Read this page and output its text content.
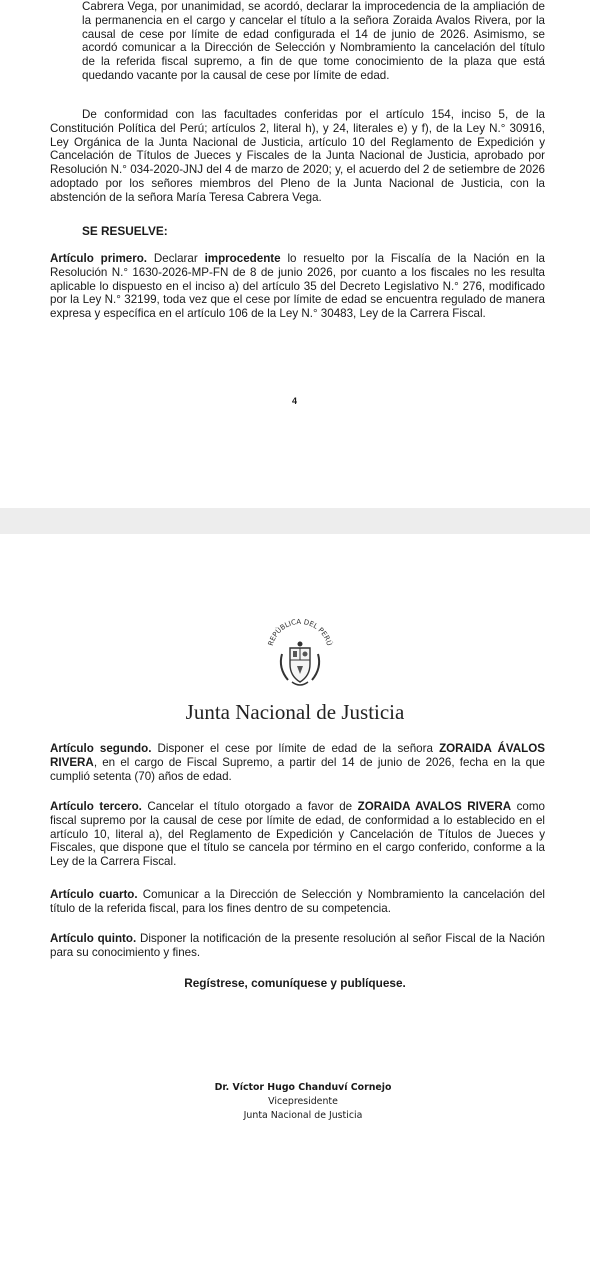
Cabrera Vega, por unanimidad, se acordó, declarar la improcedencia de la ampliación de la permanencia en el cargo y cancelar el título a la señora Zoraida Avalos Rivera, por la causal de cese por límite de edad configurada el 14 de junio de 2026. Asimismo, se acordó comunicar a la Dirección de Selección y Nombramiento la cancelación del título de la referida fiscal supremo, a fin de que tome conocimiento de la plaza que está quedando vacante por la causal de cese por límite de edad.

De conformidad con las facultades conferidas por el artículo 154, inciso 5, de la Constitución Política del Perú; artículos 2, literal h), y 24, literales e) y f), de la Ley N.° 30916, Ley Orgánica de la Junta Nacional de Justicia, artículo 10 del Reglamento de Expedición y Cancelación de Títulos de Jueces y Fiscales de la Junta Nacional de Justicia, aprobado por Resolución N.° 034-2020-JNJ del 4 de marzo de 2020; y, el acuerdo del 2 de setiembre de 2026 adoptado por los señores miembros del Pleno de la Junta Nacional de Justicia, con la abstención de la señora María Teresa Cabrera Vega.

SE RESUELVE:

Artículo primero. Declarar improcedente lo resuelto por la Fiscalía de la Nación en la Resolución N.° 1630-2026-MP-FN de 8 de junio 2026, por cuanto a los fiscales no les resulta aplicable lo dispuesto en el inciso a) del artículo 35 del Decreto Legislativo N.° 276, modificado por la Ley N.° 32199, toda vez que el cese por límite de edad se encuentra regulado de manera expresa y específica en el artículo 106 de la Ley N.° 30483, Ley de la Carrera Fiscal.

4
REPÚBLICA DEL PERÚ
Junta Nacional de Justicia

Artículo segundo. Disponer el cese por límite de edad de la señora ZORAIDA ÁVALOS RIVERA, en el cargo de Fiscal Supremo, a partir del 14 de junio de 2026, fecha en la que cumplió setenta (70) años de edad.

Artículo tercero. Cancelar el título otorgado a favor de ZORAIDA AVALOS RIVERA como fiscal supremo por la causal de cese por límite de edad, de conformidad a lo establecido en el artículo 10, literal a), del Reglamento de Expedición y Cancelación de Títulos de Jueces y Fiscales, que dispone que el título se cancela por término en el cargo conferido, conforme a la Ley de la Carrera Fiscal.

Artículo cuarto. Comunicar a la Dirección de Selección y Nombramiento la cancelación del título de la referida fiscal, para los fines dentro de su competencia.

Artículo quinto. Disponer la notificación de la presente resolución al señor Fiscal de la Nación para su conocimiento y fines.

Regístrese, comuníquese y publíquese.
Dr. Víctor Hugo Chanduví Cornejo
Vicepresidente
Junta Nacional de Justicia
